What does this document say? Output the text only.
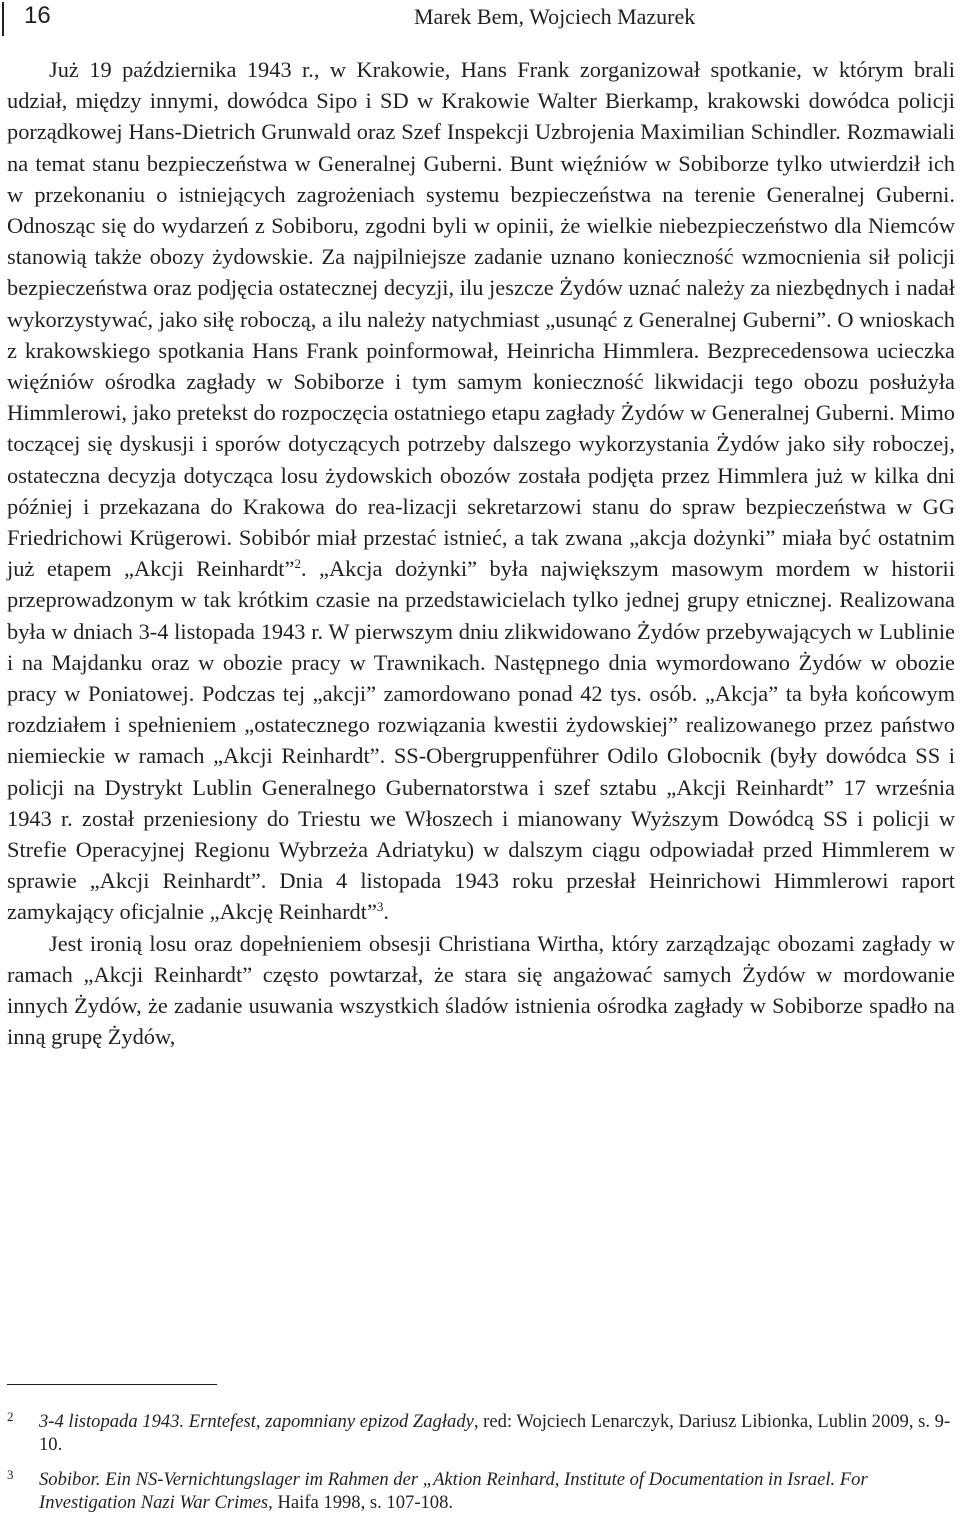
16	Marek Bem, Wojciech Mazurek

Już 19 października 1943 r., w Krakowie, Hans Frank zorganizował spotkanie, w którym brali udział, między innymi, dowódca Sipo i SD w Krakowie Walter Bierkamp, krakowski dowódca policji porządkowej Hans-Dietrich Grunwald oraz Szef Inspekcji Uzbrojenia Maximilian Schindler. Rozmawiali na temat stanu bezpieczeństwa w Generalnej Guberni. Bunt więźniów w Sobiborze tylko utwierdził ich w przekonaniu o istniejących zagrożeniach systemu bezpieczeństwa na terenie Generalnej Guberni. Odnosząc się do wydarzeń z Sobiboru, zgodni byli w opinii, że wielkie niebezpieczeństwo dla Niemców stanowią także obozy żydowskie. Za najpilniejsze zadanie uznano konieczność wzmocnienia sił policji bezpieczeństwa oraz podjęcia ostatecznej decyzji, ilu jeszcze Żydów uznać należy za niezbędnych i nadał wykorzystywać, jako siłę roboczą, a ilu należy natychmiast „usunąć z Generalnej Guberni”. O wnioskach z krakowskiego spotkania Hans Frank poinformował, Heinricha Himmlera. Bezprecedensowa ucieczka więźniów ośrodka zagłady w Sobiborze i tym samym konieczność likwidacji tego obozu posłużyła Himmlerowi, jako pretekst do rozpoczęcia ostatniego etapu zagłady Żydów w Generalnej Guberni. Mimo toczącej się dyskusji i sporów dotyczących potrzeby dalszego wykorzystania Żydów jako siły roboczej, ostateczna decyzja dotycząca losu żydowskich obozów została podjęta przez Himmlera już w kilka dni później i przekazana do Krakowa do rea-lizacji sekretarzowi stanu do spraw bezpieczeństwa w GG Friedrichowi Krügerowi. Sobibór miał przestać istnieć, a tak zwana „akcja dożynki” miała być ostatnim już etapem „Akcji Reinhardt”$^2$. „Akcja dożynki” była największym masowym mordem w historii przeprowadzonym w tak krótkim czasie na przedstawicielach tylko jednej grupy etnicznej. Realizowana była w dniach 3-4 listopada 1943 r. W pierwszym dniu zlikwidowano Żydów przebywających w Lublinie i na Majdanku oraz w obozie pracy w Trawnikach. Następnego dnia wymordowano Żydów w obozie pracy w Poniatowej. Podczas tej „akcji” zamordowano ponad 42 tys. osób. „Akcja” ta była końcowym rozdziałem i spełnieniem „ostatecznego rozwiązania kwestii żydowskiej” realizowanego przez państwo niemieckie w ramach „Akcji Reinhardt”. SS-Obergruppenführer Odilo Globocnik (były dowódca SS i policji na Dystrykt Lublin Generalnego Gubernatorstwa i szef sztabu „Akcji Reinhardt” 17 września 1943 r. został przeniesiony do Triestu we Włoszech i mianowany Wyższym Dowódcą SS i policji w Strefie Operacyjnej Regionu Wybrzeża Adriatyku) w dalszym ciągu odpowiadał przed Himmlerem w sprawie „Akcji Reinhardt”. Dnia 4 listopada 1943 roku przesłał Heinrichowi Himmlerowi raport zamykający oficjalnie „Akcję Reinhardt”$^3$.

Jest ironią losu oraz dopełnieniem obsesji Christiana Wirtha, który zarządzając obozami zagłady w ramach „Akcji Reinhardt” często powtarzał, że stara się angażować samych Żydów w mordowanie innych Żydów, że zadanie usuwania wszystkich śladów istnienia ośrodka zagłady w Sobiborze spadło na inną grupę Żydów,

2	3-4 listopada 1943. Erntefest, zapomniany epizod Zagłady, red: Wojciech Lenarczyk, Dariusz Libionka, Lublin 2009, s. 9-10.
3	Sobibor. Ein NS-Vernichtungslager im Rahmen der „Aktion Reinhard, Institute of Documentation in Israel. For Investigation Nazi War Crimes, Haifa 1998, s. 107-108.
